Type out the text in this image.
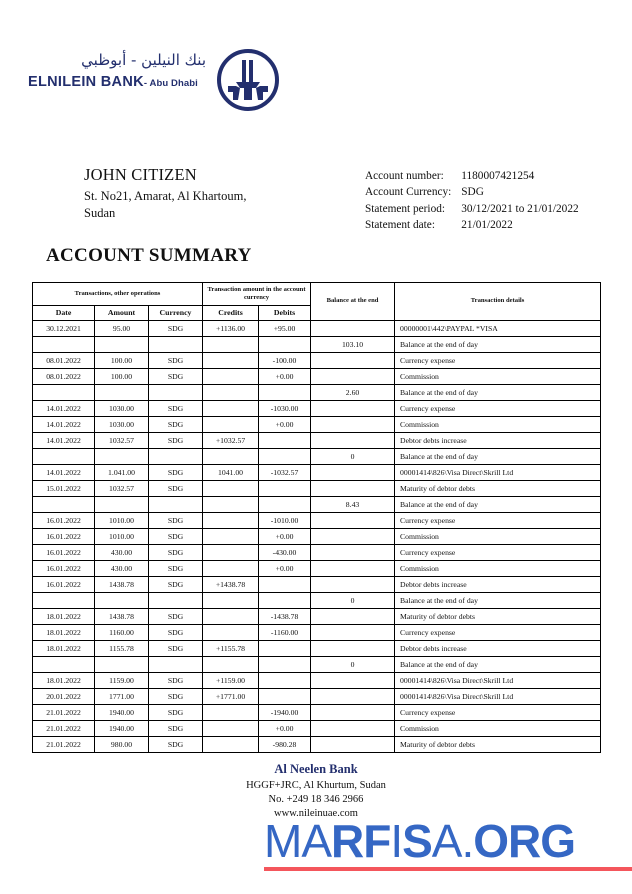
بنك النيلين - أبوظبي
ELNILEIN BANK- Abu Dhabi
JOHN CITIZEN
St. No21, Amarat, Al Khartoum,
Sudan
Account number:	1180007421254
Account Currency:	SDG
Statement period:	30/12/2021 to 21/01/2022
Statement date:	21/01/2022
ACCOUNT SUMMARY
Transactions, other operations			Transaction amount in the account currency		Balance at the end	Transaction details
Date	Amount	Currency	Credits	Debits		
30.12.2021	95.00	SDG	+1136.00	+95.00		00000001\442\PAYPAL *VISA
					103.10	Balance at the end of day
08.01.2022	100.00	SDG		-100.00		Currency expense
08.01.2022	100.00	SDG		+0.00		Commission
					2.60	Balance at the end of day
14.01.2022	1030.00	SDG		-1030.00		Currency expense
14.01.2022	1030.00	SDG		+0.00		Commission
14.01.2022	1032.57	SDG	+1032.57			Debtor debts increase
					0	Balance at the end of day
14.01.2022	1.041.00	SDG	1041.00	-1032.57		00001414\826\Visa Direct\Skrill Ltd
15.01.2022	1032.57	SDG				Maturity of debtor debts
					8.43	Balance at the end of day
16.01.2022	1010.00	SDG		-1010.00		Currency expense
16.01.2022	1010.00	SDG		+0.00		Commission
16.01.2022	430.00	SDG		-430.00		Currency expense
16.01.2022	430.00	SDG		+0.00		Commission
16.01.2022	1438.78	SDG	+1438.78			Debtor debts increase
					0	Balance at the end of day
18.01.2022	1438.78	SDG		-1438.78		Maturity of debtor debts
18.01.2022	1160.00	SDG		-1160.00		Currency expense
18.01.2022	1155.78	SDG	+1155.78			Debtor debts increase
					0	Balance at the end of day
18.01.2022	1159.00	SDG	+1159.00			00001414\826\Visa Direct\Skrill Ltd
20.01.2022	1771.00	SDG	+1771.00			00001414\826\Visa Direct\Skrill Ltd
21.01.2022	1940.00	SDG		-1940.00		Currency expense
21.01.2022	1940.00	SDG		+0.00		Commission
21.01.2022	980.00	SDG		-980.28		Maturity of debtor debts
Al Neelen Bank
HGGF+JRC, Al Khurtum, Sudan
No. +249 18 346 2966
www.nileinuae.com
MARFISA.ORG
